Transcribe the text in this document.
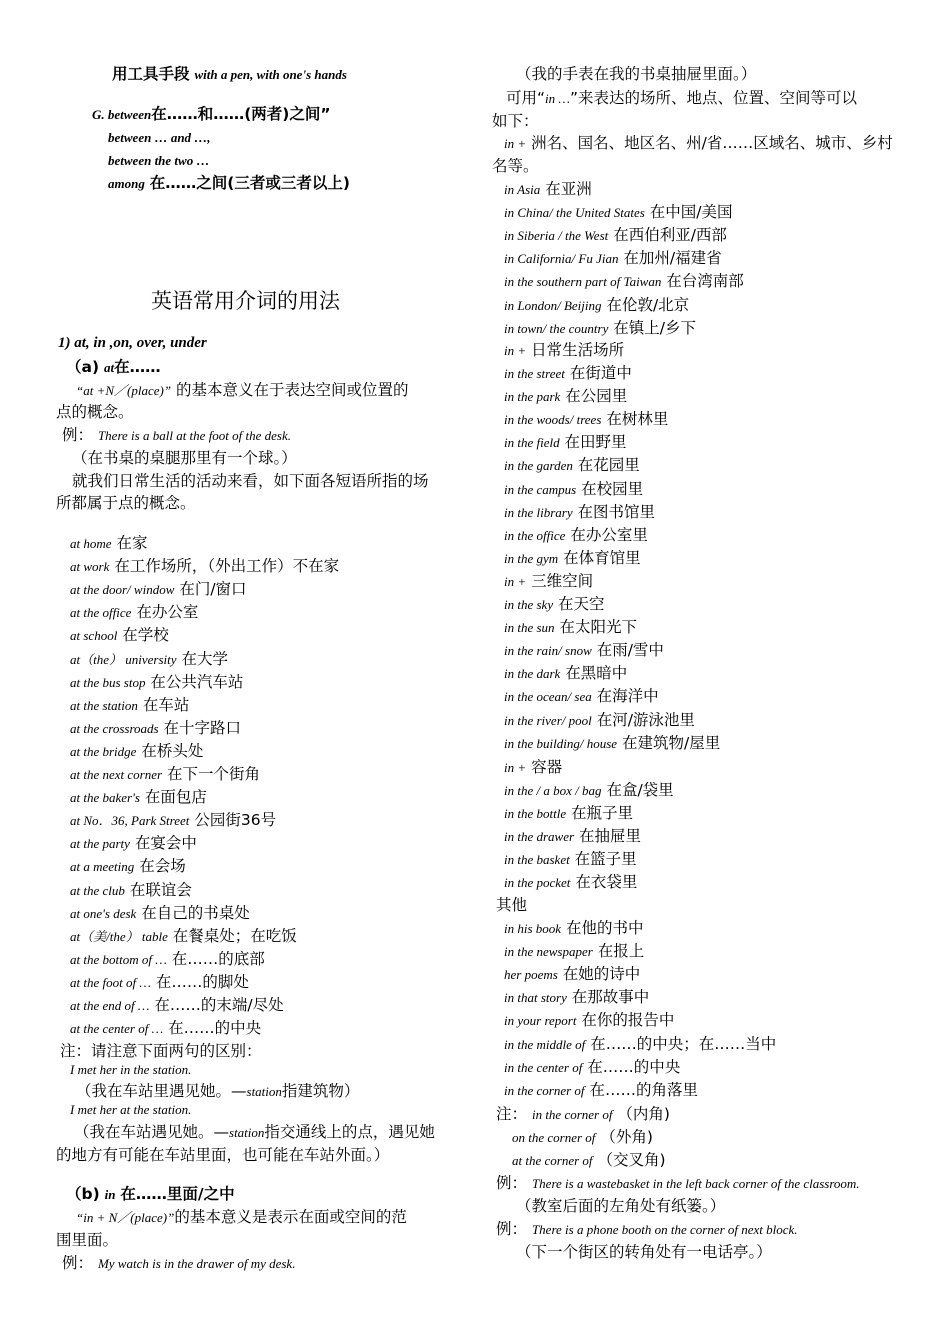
用工具手段 with a pen, with one's hands
G. between在……和……(两者)之间”
between … and …,
between the two …
among 在……之间(三者或三者以上)
英语常用介词的用法
1) at, in ,on, over, under
（a) at在……
“at +N／(place)” 的基本意义在于表达空间或位置的
点的概念。
例： There is a ball at the foot of the desk.
（在书桌的桌腿那里有一个球。）
就我们日常生活的活动来看，如下面各短语所指的场
所都属于点的概念。
at home 在家
at work 在工作场所，（外出工作）不在家
at the door/ window 在门/窗口
at the office 在办公室
at school 在学校
at（the） university 在大学
at the bus stop 在公共汽车站
at the station 在车站
at the crossroads 在十字路口
at the bridge 在桥头处
at the next corner 在下一个街角
at the baker's 在面包店
at No．36, Park Street 公园街36号
at the party 在宴会中
at a meeting 在会场
at the club 在联谊会
at one's desk 在自己的书桌处
at（美/the） table 在餐桌处；在吃饭
at the bottom of … 在……的底部
at the foot of … 在……的脚处
at the end of … 在……的末端/尽处
at the center of … 在……的中央
注：请注意下面两句的区别：
I met her in the station.
（我在车站里遇见她。—station指建筑物）
I met her at the station.
（我在车站遇见她。—station指交通线上的点，遇见她
的地方有可能在车站里面，也可能在车站外面。）
（b) in 在……里面/之中
“in + N／(place)”的基本意义是表示在面或空间的范
围里面。
例： My watch is in the drawer of my desk.
（我的手表在我的书桌抽屉里面。）
可用“in …”来表达的场所、地点、位置、空间等可以
如下：
in + 洲名、国名、地区名、州/省……区域名、城市、乡村
名等。
in Asia 在亚洲
in China/ the United States 在中国/美国
in Siberia / the West 在西伯利亚/西部
in California/ Fu Jian 在加州/福建省
in the southern part of Taiwan 在台湾南部
in London/ Beijing 在伦敦/北京
in town/ the country 在镇上/乡下
in + 日常生活场所
in the street 在街道中
in the park 在公园里
in the woods/ trees 在树林里
in the field 在田野里
in the garden 在花园里
in the campus 在校园里
in the library 在图书馆里
in the office 在办公室里
in the gym 在体育馆里
in + 三维空间
in the sky 在天空
in the sun 在太阳光下
in the rain/ snow 在雨/雪中
in the dark 在黑暗中
in the ocean/ sea 在海洋中
in the river/ pool 在河/游泳池里
in the building/ house 在建筑物/屋里
in + 容器
in the / a box / bag 在盒/袋里
in the bottle 在瓶子里
in the drawer 在抽屉里
in the basket 在篮子里
in the pocket 在衣袋里
其他
in his book 在他的书中
in the newspaper 在报上
her poems 在她的诗中
in that story 在那故事中
in your report 在你的报告中
in the middle of 在……的中央；在……当中
in the center of 在……的中央
in the corner of 在……的角落里
注： in the corner of （内角)
on the corner of （外角)
at the corner of （交叉角)
例： There is a wastebasket in the left back corner of the classroom.
（教室后面的左角处有纸篓。）
例： There is a phone booth on the corner of next block.
（下一个街区的转角处有一电话亭。）
